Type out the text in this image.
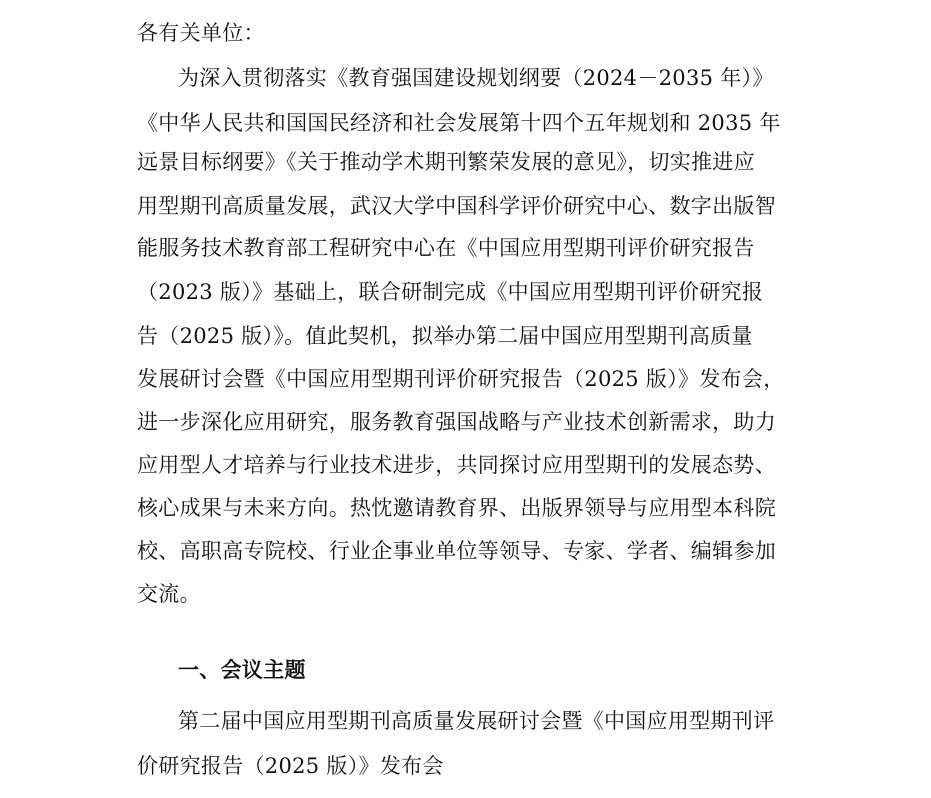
各有关单位：
为深入贯彻落实《教育强国建设规划纲要（2024－2035 年）》
《中华人民共和国国民经济和社会发展第十四个五年规划和 2035 年
远景目标纲要》《关于推动学术期刊繁荣发展的意见》，切实推进应
用型期刊高质量发展，武汉大学中国科学评价研究中心、数字出版智
能服务技术教育部工程研究中心在《中国应用型期刊评价研究报告
（2023 版）》基础上，联合研制完成《中国应用型期刊评价研究报
告（2025 版）》。值此契机，拟举办第二届中国应用型期刊高质量
发展研讨会暨《中国应用型期刊评价研究报告（2025 版）》发布会，
进一步深化应用研究，服务教育强国战略与产业技术创新需求，助力
应用型人才培养与行业技术进步，共同探讨应用型期刊的发展态势、
核心成果与未来方向。热忱邀请教育界、出版界领导与应用型本科院
校、高职高专院校、行业企事业单位等领导、专家、学者、编辑参加
交流。
一、会议主题
第二届中国应用型期刊高质量发展研讨会暨《中国应用型期刊评
价研究报告（2025 版）》发布会
